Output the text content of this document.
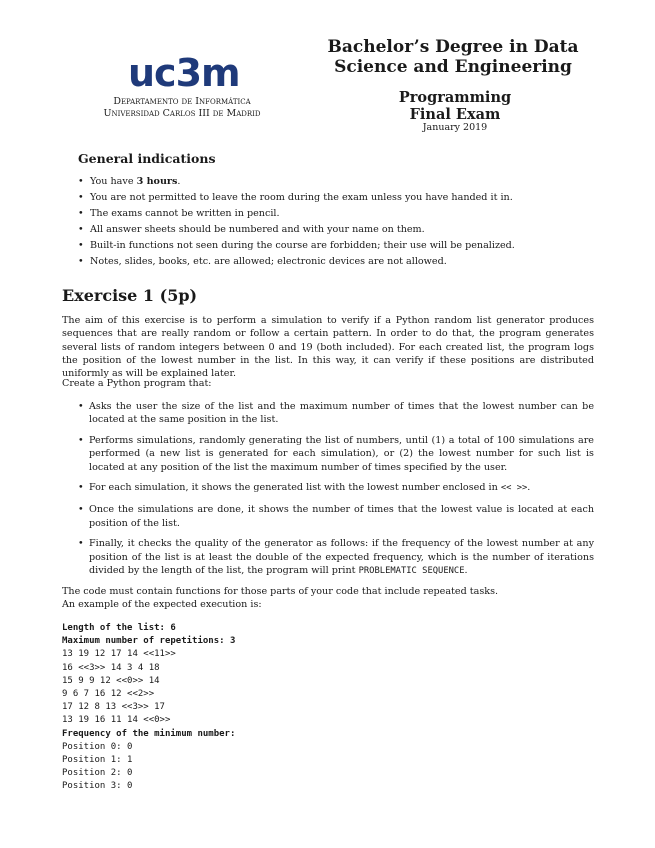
uc3m
Departamento de Informática
Universidad Carlos III de Madrid
Bachelor’s Degree in Data
Science and Engineering
Programming
Final Exam
January 2019
General indications
• You have 3 hours.
• You are not permitted to leave the room during the exam unless you have handed it in.
• The exams cannot be written in pencil.
• All answer sheets should be numbered and with your name on them.
• Built-in functions not seen during the course are forbidden; their use will be penalized.
• Notes, slides, books, etc. are allowed; electronic devices are not allowed.
Exercise 1 (5p)
The aim of this exercise is to perform a simulation to verify if a Python random list generator produces sequences that are really random or follow a certain pattern. In order to do that, the program generates several lists of random integers between 0 and 19 (both included). For each created list, the program logs the position of the lowest number in the list. In this way, it can verify if these positions are distributed uniformly as will be explained later.
Create a Python program that:
• Asks the user the size of the list and the maximum number of times that the lowest number can be located at the same position in the list.
• Performs simulations, randomly generating the list of numbers, until (1) a total of 100 simulations are performed (a new list is generated for each simulation), or (2) the lowest number for such list is located at any position of the list the maximum number of times specified by the user.
• For each simulation, it shows the generated list with the lowest number enclosed in << >>.
• Once the simulations are done, it shows the number of times that the lowest value is located at each position of the list.
• Finally, it checks the quality of the generator as follows: if the frequency of the lowest number at any position of the list is at least the double of the expected frequency, which is the number of iterations divided by the length of the list, the program will print PROBLEMATIC SEQUENCE.
The code must contain functions for those parts of your code that include repeated tasks.
An example of the expected execution is:
Length of the list: 6
Maximum number of repetitions: 3
13 19 12 17 14 <<11>>
16 <<3>> 14 3 4 18
15 9 9 12 <<0>> 14
9 6 7 16 12 <<2>>
17 12 8 13 <<3>> 17
13 19 16 11 14 <<0>>
Frequency of the minimum number:
Position 0: 0
Position 1: 1
Position 2: 0
Position 3: 0
